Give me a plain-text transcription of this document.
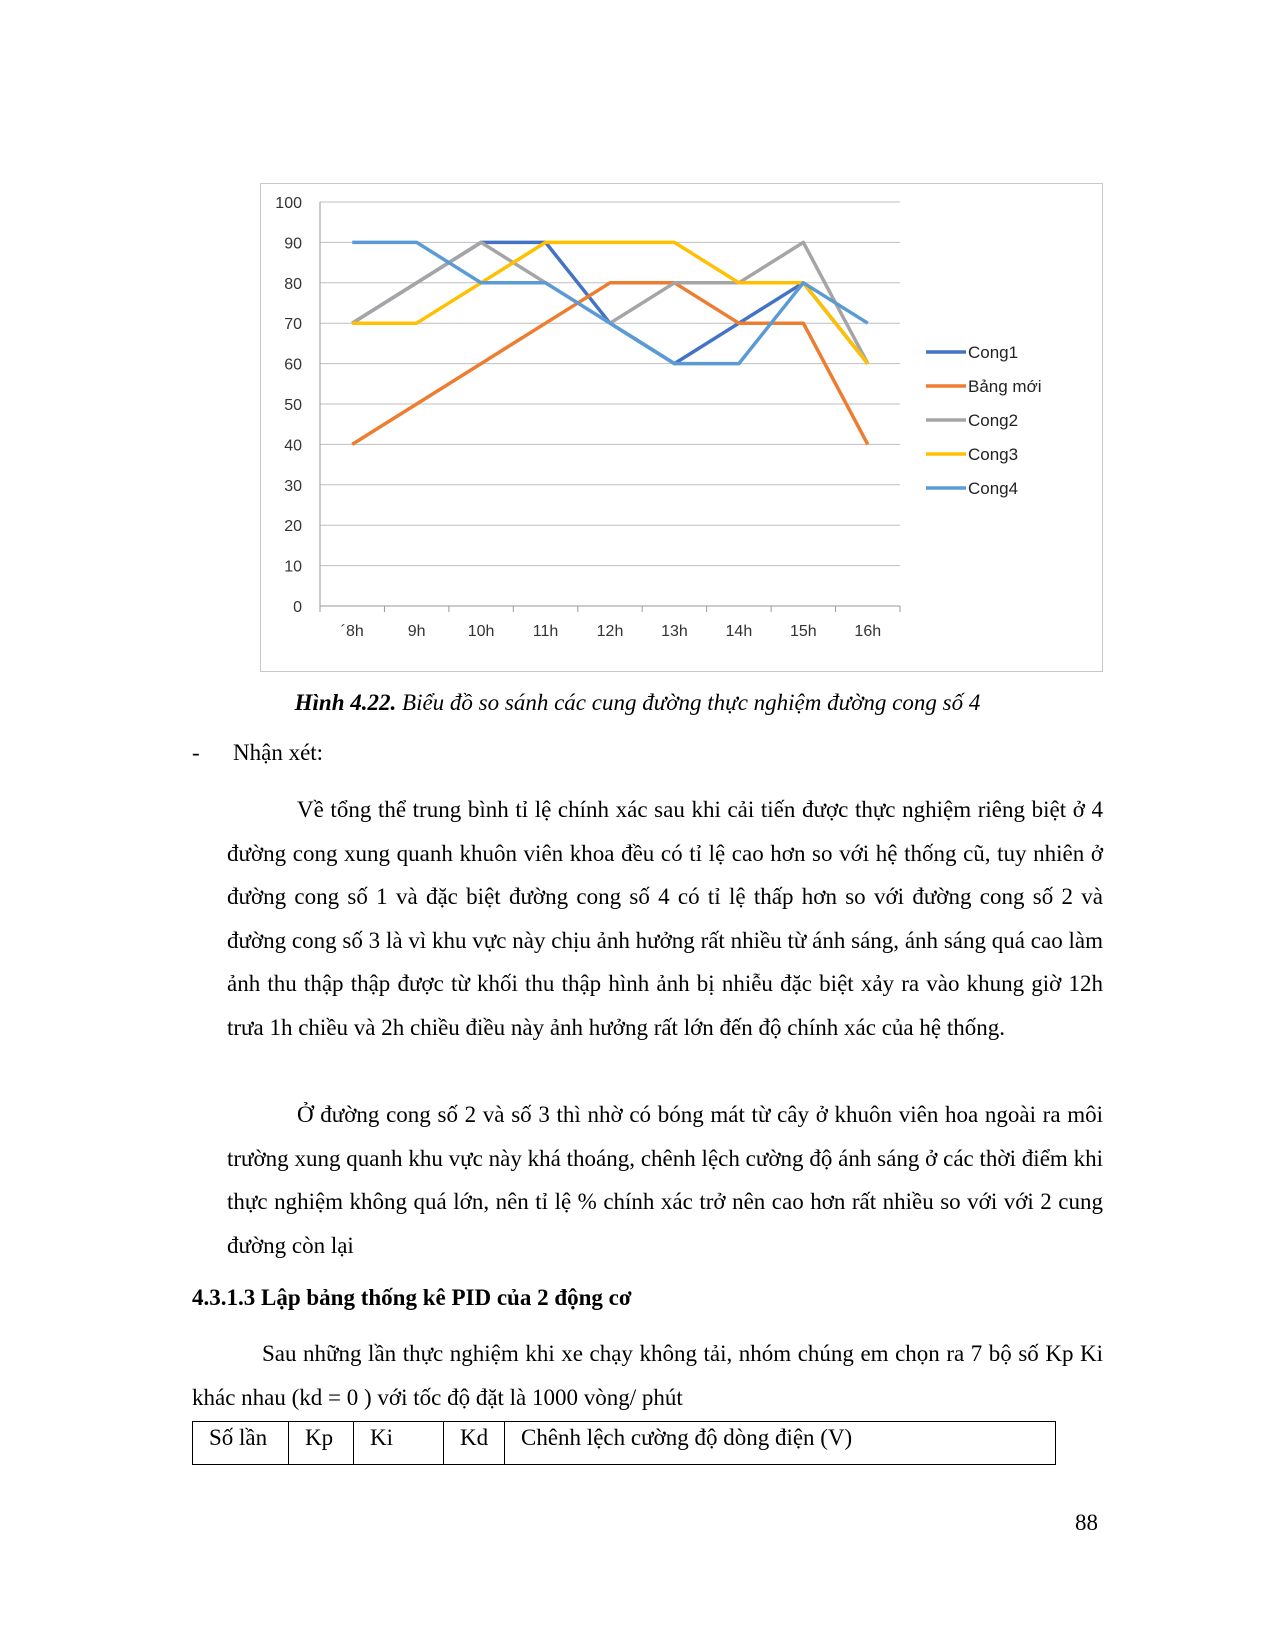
0
10
20
30
40
50
60
70
80
90
100
´8h	9h	10h 11h 12h 13h 14h 15h 16h
Cong1
Bảng mới
Cong2
Cong3
Cong4
Hình 4.22. Biểu đồ so sánh các cung đường thực nghiệm đường cong số 4
- Nhận xét:

Về tổng thể trung bình tỉ lệ chính xác sau khi cải tiến được thực nghiệm riêng biệt ở 4 đường cong xung quanh khuôn viên khoa đều có tỉ lệ cao hơn so với hệ thống cũ, tuy nhiên ở đường cong số 1 và đặc biệt đường cong số 4 có tỉ lệ thấp hơn so với đường cong số 2 và đường cong số 3 là vì khu vực này chịu ảnh hưởng rất nhiều từ ánh sáng, ánh sáng quá cao làm ảnh thu thập thập được từ khối thu thập hình ảnh bị nhiễu đặc biệt xảy ra vào khung giờ 12h trưa 1h chiều và 2h chiều điều này ảnh hưởng rất lớn đến độ chính xác của hệ thống.

Ở đường cong số 2 và số 3 thì nhờ có bóng mát từ cây ở khuôn viên hoa ngoài ra môi trường xung quanh khu vực này khá thoáng, chênh lệch cường độ ánh sáng ở các thời điểm khi thực nghiệm không quá lớn, nên tỉ lệ % chính xác trở nên cao hơn rất nhiều so với với 2 cung đường còn lại

4.3.1.3 Lập bảng thống kê PID của 2 động cơ

Sau những lần thực nghiệm khi xe chạy không tải, nhóm chúng em chọn ra 7 bộ số Kp Ki khác nhau (kd = 0 ) với tốc độ đặt là 1000 vòng/ phút

Số lần	Kp	Ki	Kd	Chênh lệch cường độ dòng điện (V)
88
